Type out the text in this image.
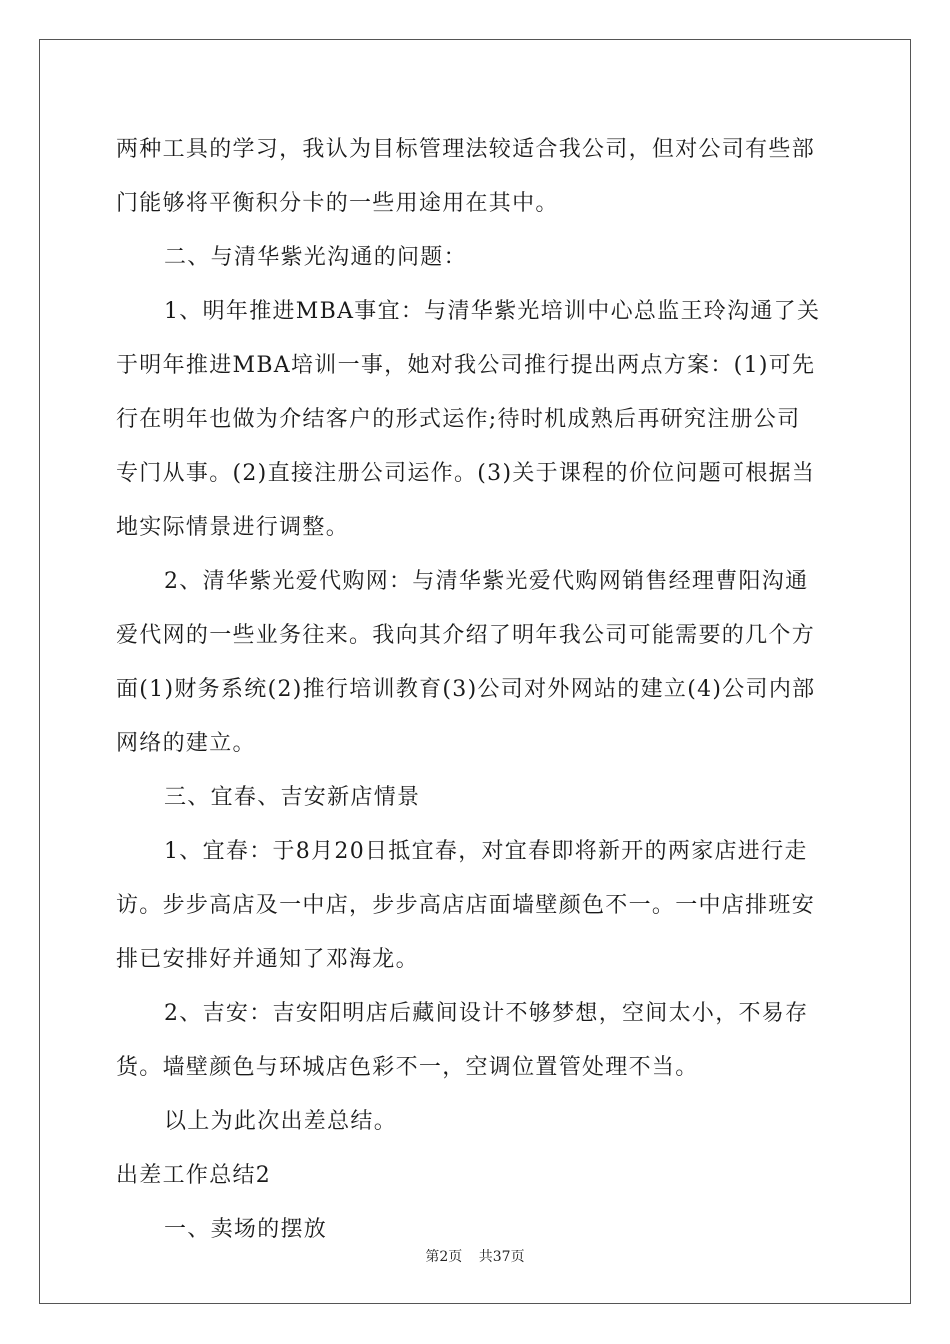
两种工具的学习，我认为目标管理法较适合我公司，但对公司有些部
门能够将平衡积分卡的一些用途用在其中。
二、与清华紫光沟通的问题：
1、明年推进MBA事宜：与清华紫光培训中心总监王玲沟通了关
于明年推进MBA培训一事，她对我公司推行提出两点方案：(1)可先
行在明年也做为介结客户的形式运作;待时机成熟后再研究注册公司
专门从事。(2)直接注册公司运作。(3)关于课程的价位问题可根据当
地实际情景进行调整。
2、清华紫光爱代购网：与清华紫光爱代购网销售经理曹阳沟通
爱代网的一些业务往来。我向其介绍了明年我公司可能需要的几个方
面(1)财务系统(2)推行培训教育(3)公司对外网站的建立(4)公司内部
网络的建立。
三、宜春、吉安新店情景
1、宜春：于8月20日抵宜春，对宜春即将新开的两家店进行走
访。步步高店及一中店，步步高店店面墙壁颜色不一。一中店排班安
排已安排好并通知了邓海龙。
2、吉安：吉安阳明店后藏间设计不够梦想，空间太小，不易存
货。墙壁颜色与环城店色彩不一，空调位置管处理不当。
以上为此次出差总结。
出差工作总结2
一、卖场的摆放
第2页 共37页
